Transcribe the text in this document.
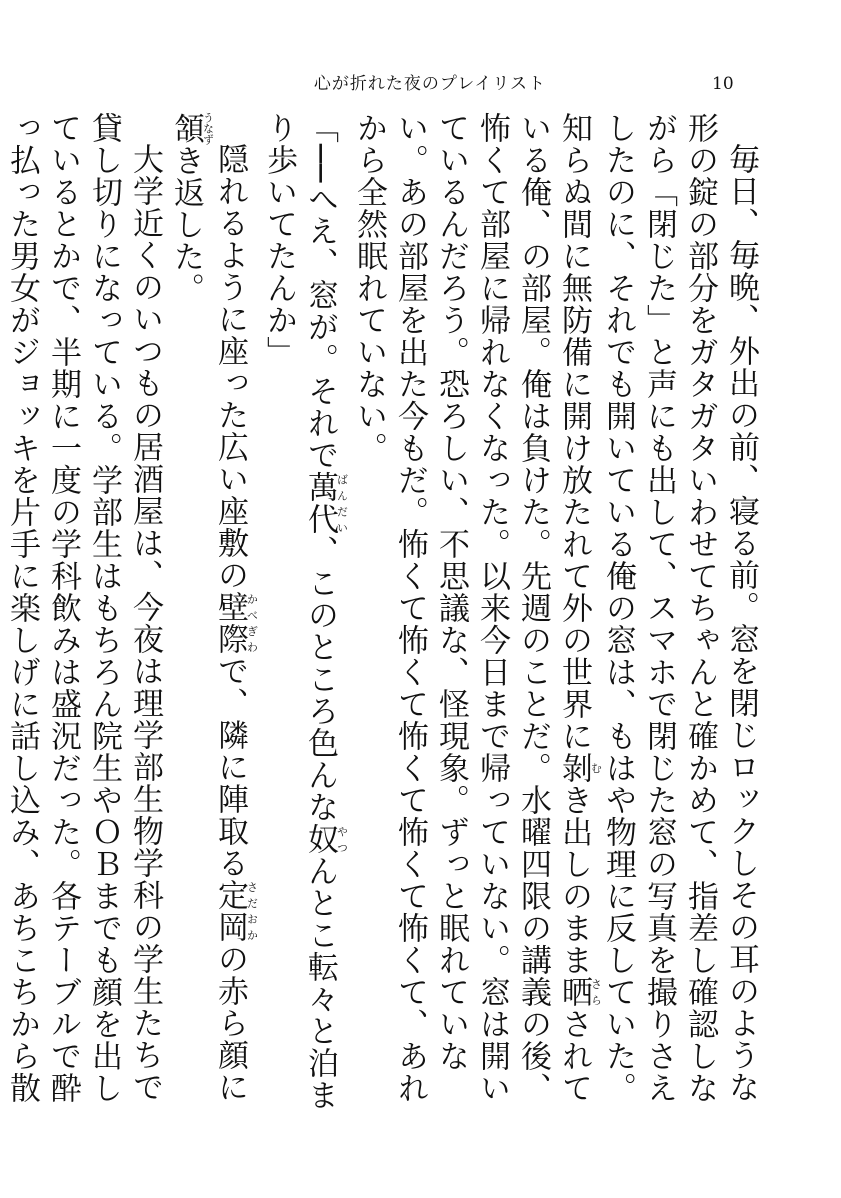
心が折れた夜のプレイリスト	10

毎日、毎晩、外出の前、寝る前。窓を閉じロックしその耳のような形の錠の部分をガタガタいわせてちゃんと確かめて、指差し確認しながら「閉じた」と声にも出して、スマホで閉じた窓の写真を撮りさえしたのに、それでも開いている俺の窓は、もはや物理に反していた。知らぬ間に無防備に開け放たれて外の世界に剝むき出しのまま晒さらされている俺、の部屋。俺は負けた。先週のことだ。水曜四限の講義の後、怖くて部屋に帰れなくなった。以来今日まで帰っていない。窓は開いているんだろう。恐ろしい、不思議な、怪現象。ずっと眠れていない。あの部屋を出た今もだ。怖くて怖くて怖くて怖くて怖くて、あれから全然眠れていない。

「──へえ、窓が。それで萬代ばんだい、このところ色んな奴やつんとこ転々と泊まり歩いてたんか」

隠れるように座った広い座敷の壁際かべぎわで、隣に陣取る定岡さだおかの赤ら顔に頷うなずき返した。

大学近くのいつもの居酒屋は、今夜は理学部生物学科の学生たちで貸し切りになっている。学部生はもちろん院生やＯＢまでも顔を出しているとかで、半期に一度の学科飲みは盛況だった。各テーブルで酔っ払った男女がジョッキを片手に楽しげに話し込み、あちこちから散
